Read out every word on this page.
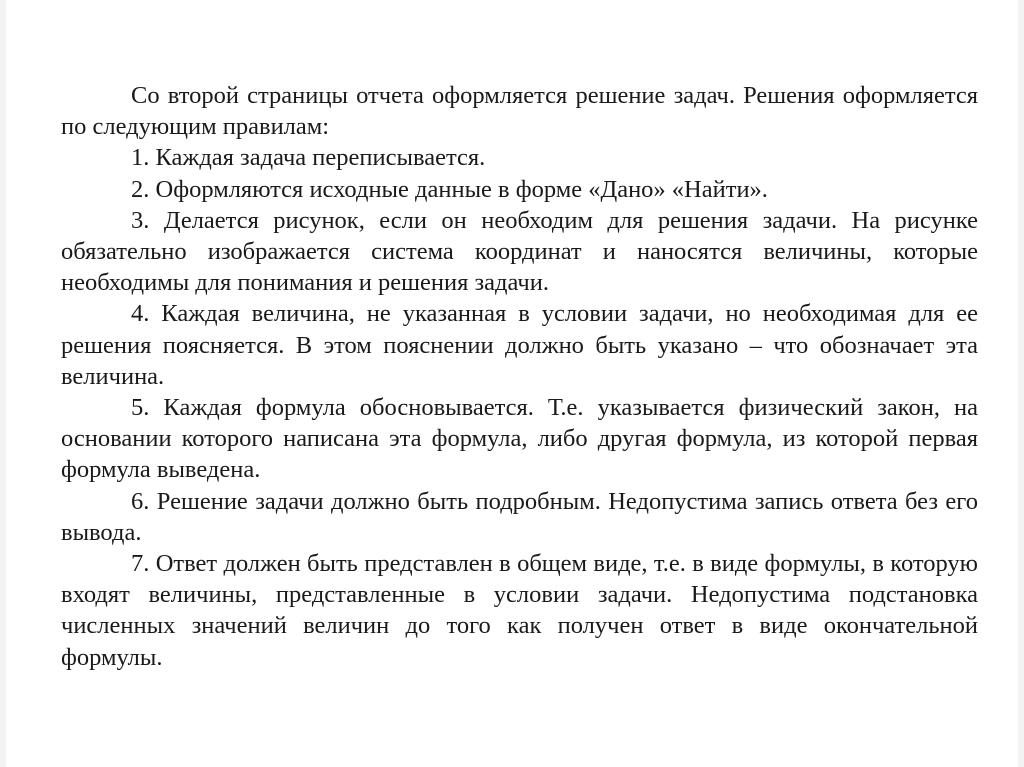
Со второй страницы отчета оформляется решение задач. Решения оформляется по следующим правилам:

1. Каждая задача переписывается.

2. Оформляются исходные данные в форме «Дано» «Найти».

3. Делается рисунок, если он необходим для решения задачи. На рисунке обязательно изображается система координат и наносятся величины, которые необходимы для понимания и решения задачи.

4. Каждая величина, не указанная в условии задачи, но необходимая для ее решения поясняется. В этом пояснении должно быть указано – что обозначает эта величина.

5. Каждая формула обосновывается. Т.е. указывается физический закон, на основании которого написана эта формула, либо другая формула, из которой первая формула выведена.

6. Решение задачи должно быть подробным. Недопустима запись ответа без его вывода.

7. Ответ должен быть представлен в общем виде, т.е. в виде формулы, в которую входят величины, представленные в условии задачи. Недопустима подстановка численных значений величин до того как получен ответ в виде окончательной формулы.
